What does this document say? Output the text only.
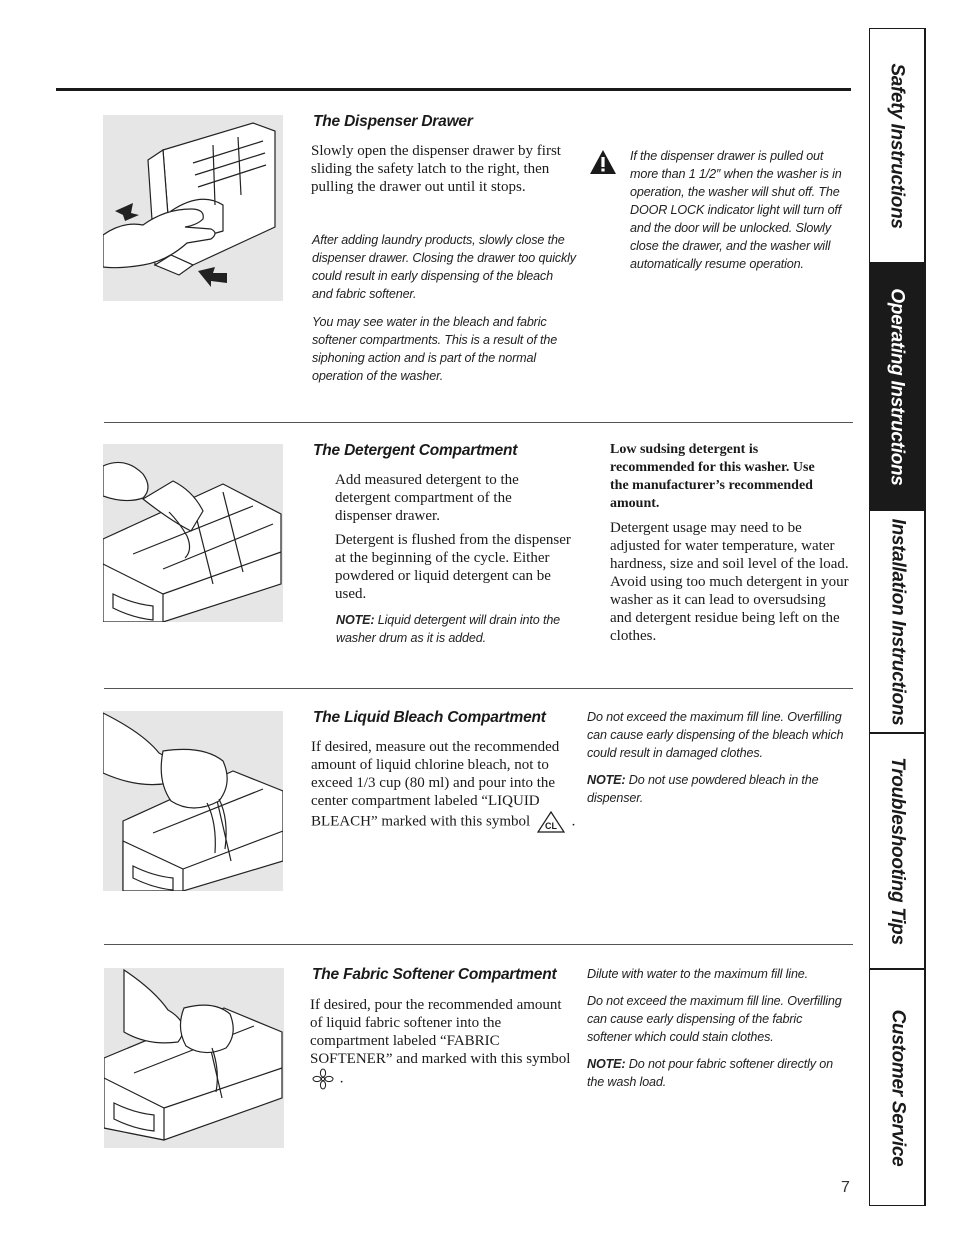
The Dispenser Drawer

Slowly open the dispenser drawer by first sliding the safety latch to the right, then pulling the drawer out until it stops.

After adding laundry products, slowly close the dispenser drawer. Closing the drawer too quickly could result in early dispensing of the bleach and fabric softener.

You may see water in the bleach and fabric softener compartments. This is a result of the siphoning action and is part of the normal operation of the washer.

If the dispenser drawer is pulled out more than 1 1/2″ when the washer is in operation, the washer will shut off. The DOOR LOCK indicator light will turn off and the door will be unlocked. Slowly close the drawer, and the washer will automatically resume operation.

The Detergent Compartment

Add measured detergent to the detergent compartment of the dispenser drawer.

Detergent is flushed from the dispenser at the beginning of the cycle. Either powdered or liquid detergent can be used.

NOTE: Liquid detergent will drain into the washer drum as it is added.

Low sudsing detergent is recommended for this washer. Use the manufacturer’s recommended amount.

Detergent usage may need to be adjusted for water temperature, water hardness, size and soil level of the load. Avoid using too much detergent in your washer as it can lead to oversudsing and detergent residue being left on the clothes.

The Liquid Bleach Compartment

If desired, measure out the recommended amount of liquid chlorine bleach, not to exceed 1/3 cup (80 ml) and pour into the center compartment labeled “LIQUID BLEACH” marked with this symbol CL .

Do not exceed the maximum fill line. Overfilling can cause early dispensing of the bleach which could result in damaged clothes.

NOTE: Do not use powdered bleach in the dispenser.

The Fabric Softener Compartment

If desired, pour the recommended amount of liquid fabric softener into the compartment labeled “FABRIC SOFTENER” and marked with this symbol  .

Dilute with water to the maximum fill line.

Do not exceed the maximum fill line. Overfilling can cause early dispensing of the fabric softener which could stain clothes.

NOTE: Do not pour fabric softener directly on the wash load.

Safety Instructions
Operating Instructions
Installation Instructions
Troubleshooting Tips
Customer Service
7
